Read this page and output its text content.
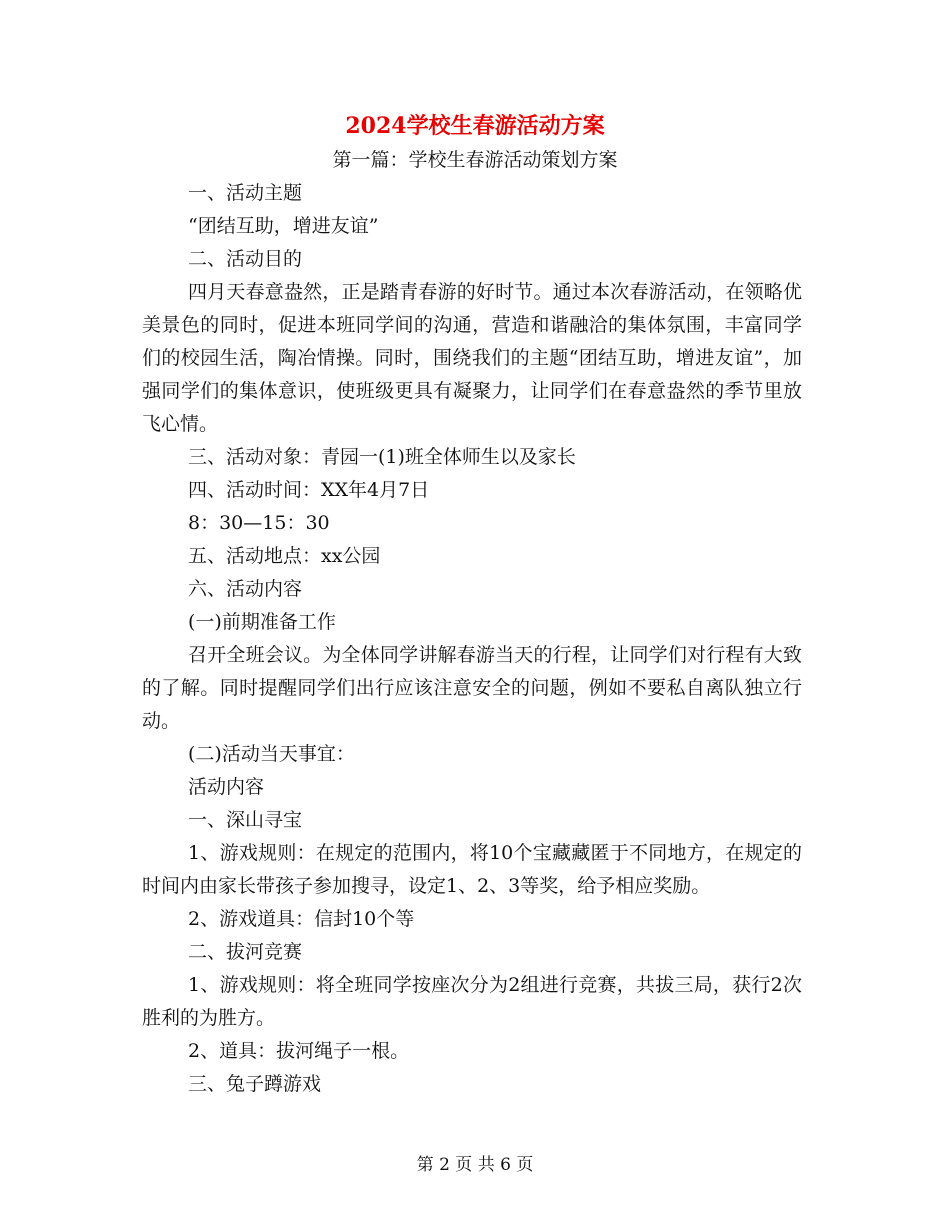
2024学校生春游活动方案
第一篇：学校生春游活动策划方案

一、活动主题

“团结互助，增进友谊”

二、活动目的

四月天春意盎然，正是踏青春游的好时节。通过本次春游活动，在领略优美景色的同时，促进本班同学间的沟通，营造和谐融洽的集体氛围，丰富同学们的校园生活，陶冶情操。同时，围绕我们的主题“团结互助，增进友谊”，加强同学们的集体意识，使班级更具有凝聚力，让同学们在春意盎然的季节里放飞心情。

三、活动对象：青园一(1)班全体师生以及家长

四、活动时间：XX年4月7日

8：30—15：30

五、活动地点：xx公园

六、活动内容

(一)前期准备工作

召开全班会议。为全体同学讲解春游当天的行程，让同学们对行程有大致的了解。同时提醒同学们出行应该注意安全的问题，例如不要私自离队独立行动。

(二)活动当天事宜：

活动内容

一、深山寻宝

1、游戏规则：在规定的范围内，将10个宝藏藏匿于不同地方，在规定的时间内由家长带孩子参加搜寻，设定1、2、3等奖，给予相应奖励。

2、游戏道具：信封10个等

二、拔河竞赛

1、游戏规则：将全班同学按座次分为2组进行竞赛，共拔三局，获行2次胜利的为胜方。

2、道具：拔河绳子一根。

三、兔子蹲游戏

第 2 页 共 6 页
